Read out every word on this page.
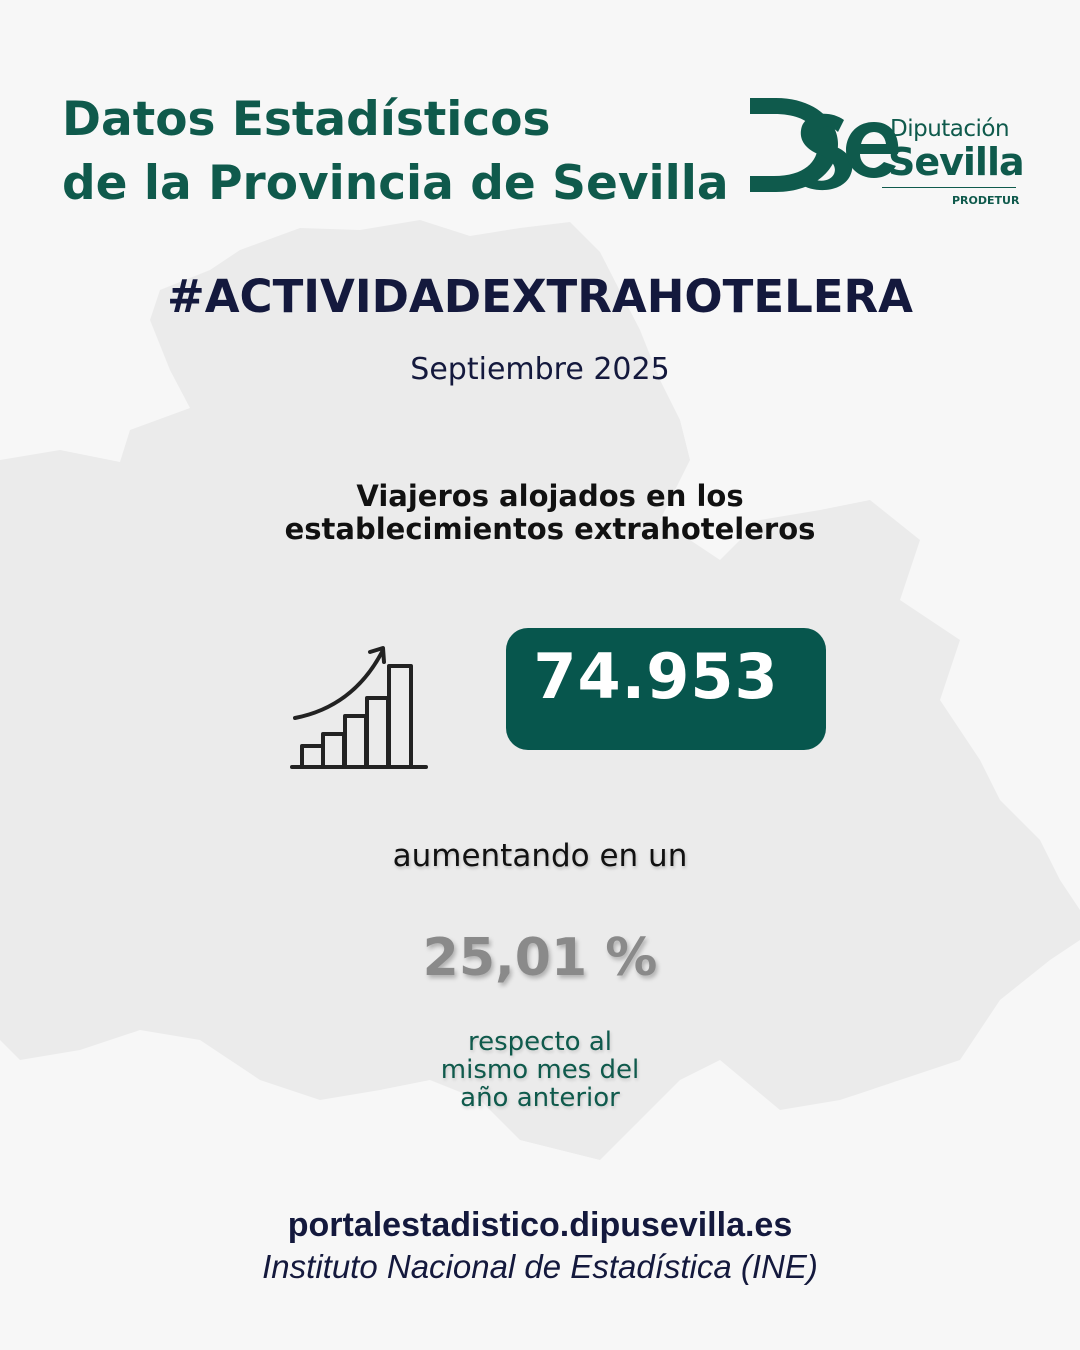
Datos Estadísticos
de la Provincia de Sevilla
Diputación
Sevilla
PRODETUR
#ACTIVIDADEXTRAHOTELERA
Septiembre 2025
Viajeros alojados en los
establecimientos extrahoteleros
74.953
aumentando en un
25,01 %
respecto al
mismo mes del
año anterior
portalestadistico.dipusevilla.es
Instituto Nacional de Estadística (INE)
